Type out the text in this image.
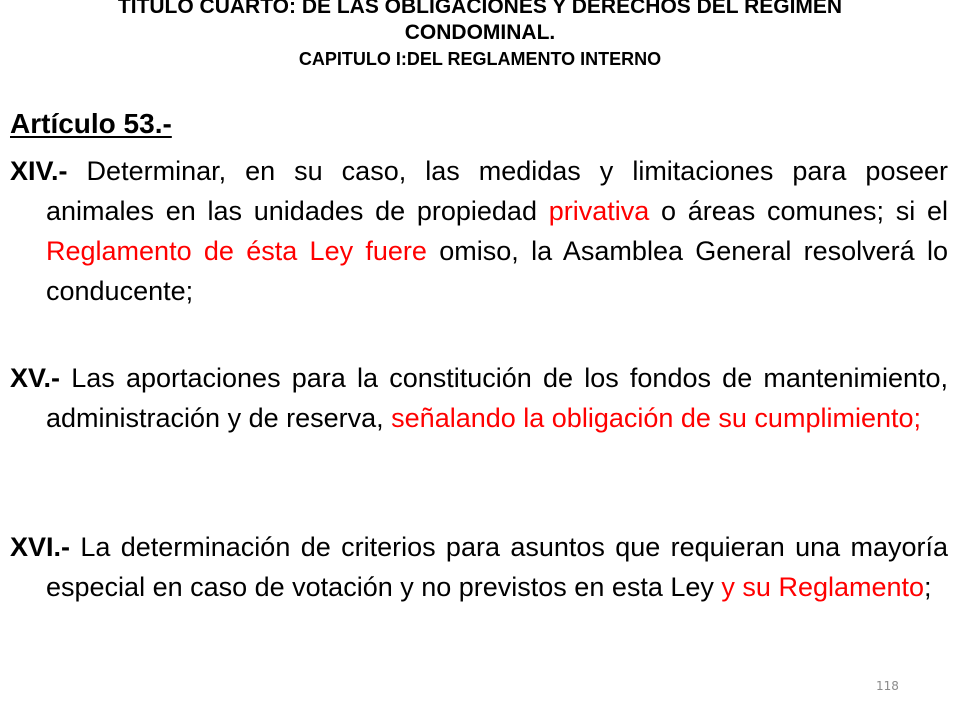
TITULO CUARTO: DE LAS OBLIGACIONES Y DERECHOS DEL REGIMEN
CONDOMINAL.
CAPITULO I:DEL REGLAMENTO INTERNO
Artículo 53.-
XIV.- Determinar, en su caso, las medidas y limitaciones para poseer animales en las unidades de propiedad privativa o áreas comunes; si el Reglamento de ésta Ley fuere omiso, la Asamblea General resolverá lo conducente;
XV.- Las aportaciones para la constitución de los fondos de mantenimiento, administración y de reserva, señalando la obligación de su cumplimiento;
XVI.- La determinación de criterios para asuntos que requieran una mayoría especial en caso de votación y no previstos en esta Ley y su Reglamento;
118
